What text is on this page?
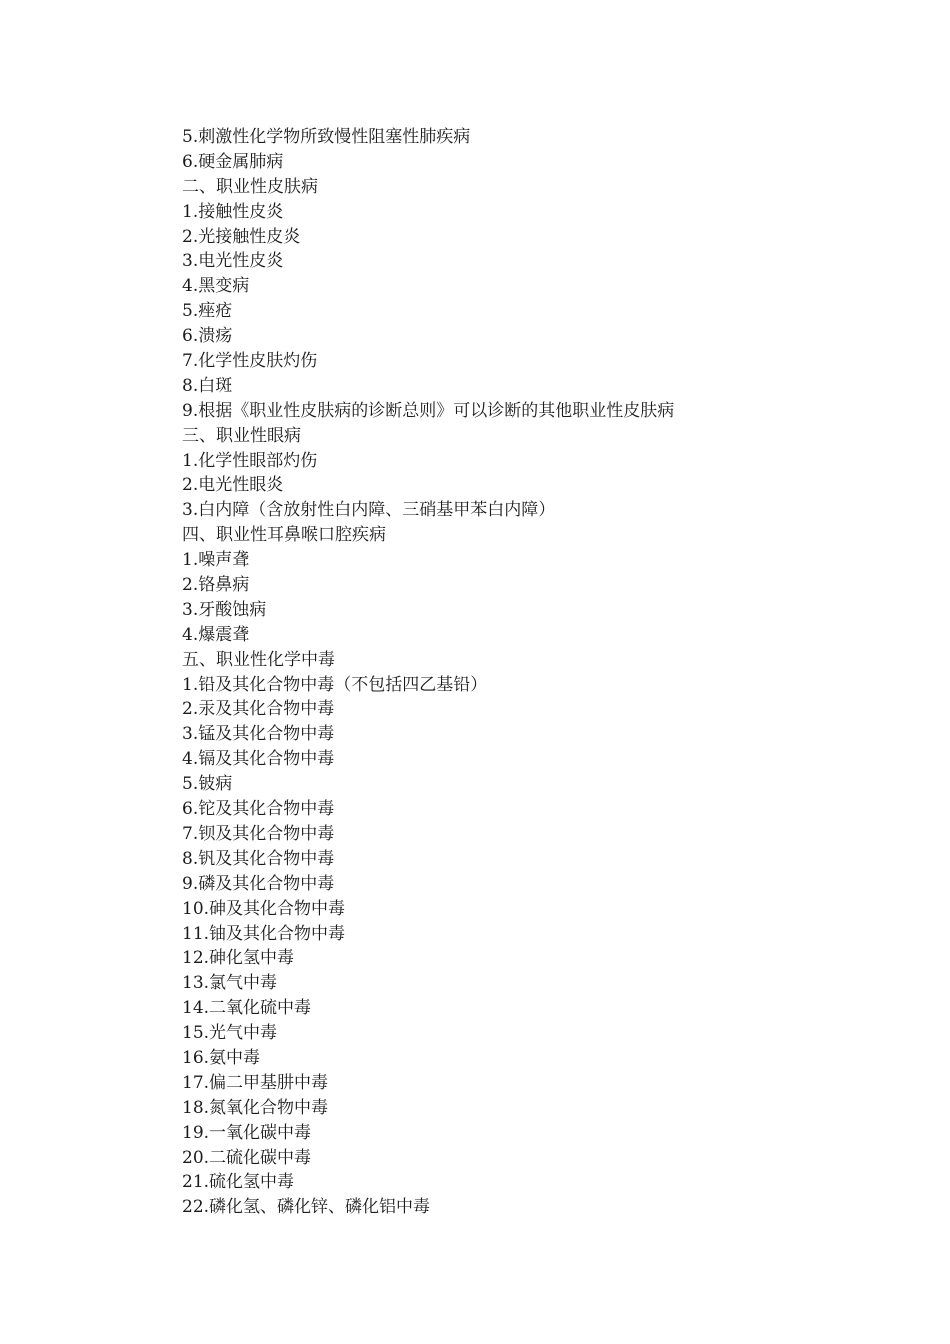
5.刺激性化学物所致慢性阻塞性肺疾病
6.硬金属肺病
二、职业性皮肤病
1.接触性皮炎
2.光接触性皮炎
3.电光性皮炎
4.黑变病
5.痤疮
6.溃疡
7.化学性皮肤灼伤
8.白斑
9.根据《职业性皮肤病的诊断总则》可以诊断的其他职业性皮肤病
三、职业性眼病
1.化学性眼部灼伤
2.电光性眼炎
3.白内障（含放射性白内障、三硝基甲苯白内障）
四、职业性耳鼻喉口腔疾病
1.噪声聋
2.铬鼻病
3.牙酸蚀病
4.爆震聋
五、职业性化学中毒
1.铅及其化合物中毒（不包括四乙基铅）
2.汞及其化合物中毒
3.锰及其化合物中毒
4.镉及其化合物中毒
5.铍病
6.铊及其化合物中毒
7.钡及其化合物中毒
8.钒及其化合物中毒
9.磷及其化合物中毒
10.砷及其化合物中毒
11.铀及其化合物中毒
12.砷化氢中毒
13.氯气中毒
14.二氧化硫中毒
15.光气中毒
16.氨中毒
17.偏二甲基肼中毒
18.氮氧化合物中毒
19.一氧化碳中毒
20.二硫化碳中毒
21.硫化氢中毒
22.磷化氢、磷化锌、磷化铝中毒
